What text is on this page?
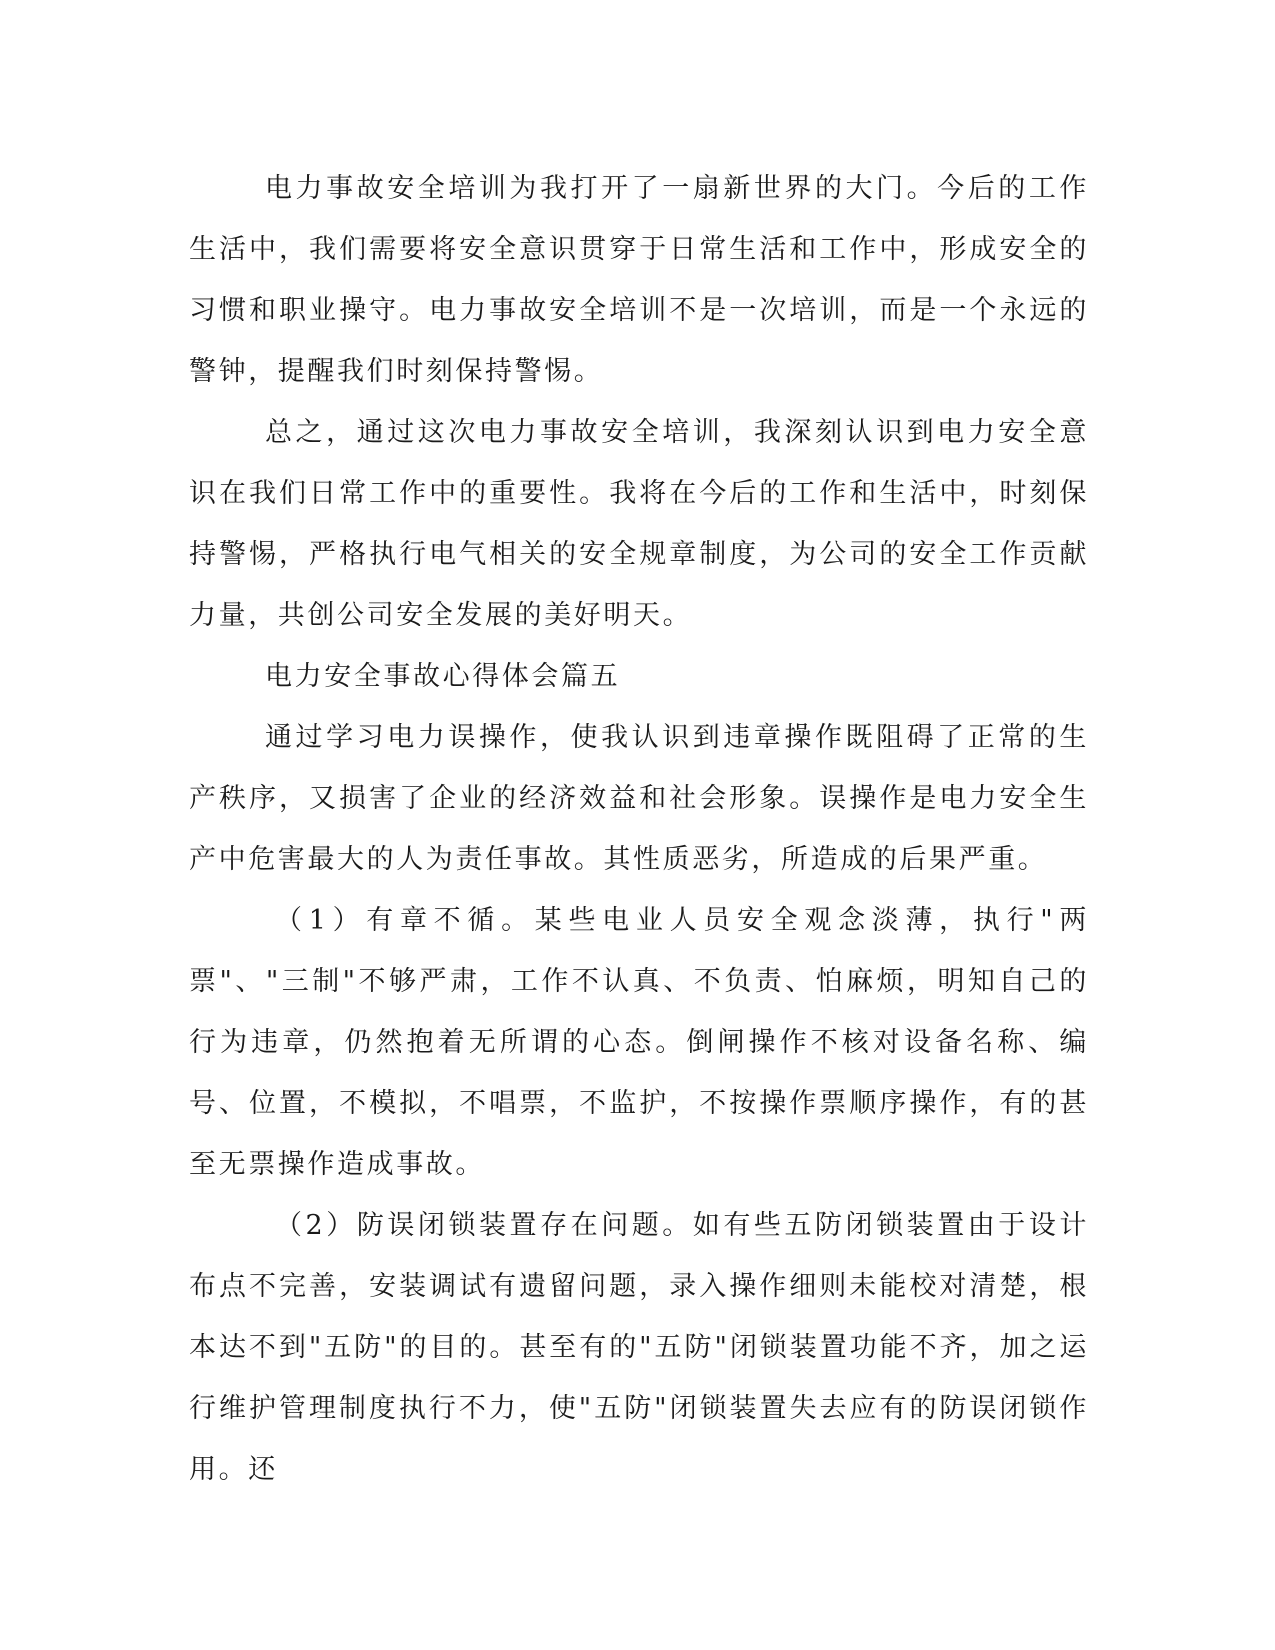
电力事故安全培训为我打开了一扇新世界的大门。今后的工作生活中，我们需要将安全意识贯穿于日常生活和工作中，形成安全的习惯和职业操守。电力事故安全培训不是一次培训，而是一个永远的警钟，提醒我们时刻保持警惕。

总之，通过这次电力事故安全培训，我深刻认识到电力安全意识在我们日常工作中的重要性。我将在今后的工作和生活中，时刻保持警惕，严格执行电气相关的安全规章制度，为公司的安全工作贡献力量，共创公司安全发展的美好明天。

电力安全事故心得体会篇五

通过学习电力误操作，使我认识到违章操作既阻碍了正常的生产秩序，又损害了企业的经济效益和社会形象。误操作是电力安全生产中危害最大的人为责任事故。其性质恶劣，所造成的后果严重。

（1）有章不循。某些电业人员安全观念淡薄，执行"两票"、"三制"不够严肃，工作不认真、不负责、怕麻烦，明知自己的行为违章，仍然抱着无所谓的心态。倒闸操作不核对设备名称、编号、位置，不模拟，不唱票，不监护，不按操作票顺序操作，有的甚至无票操作造成事故。

（2）防误闭锁装置存在问题。如有些五防闭锁装置由于设计布点不完善，安装调试有遗留问题，录入操作细则未能校对清楚，根本达不到"五防"的目的。甚至有的"五防"闭锁装置功能不齐，加之运行维护管理制度执行不力，使"五防"闭锁装置失去应有的防误闭锁作用。还
